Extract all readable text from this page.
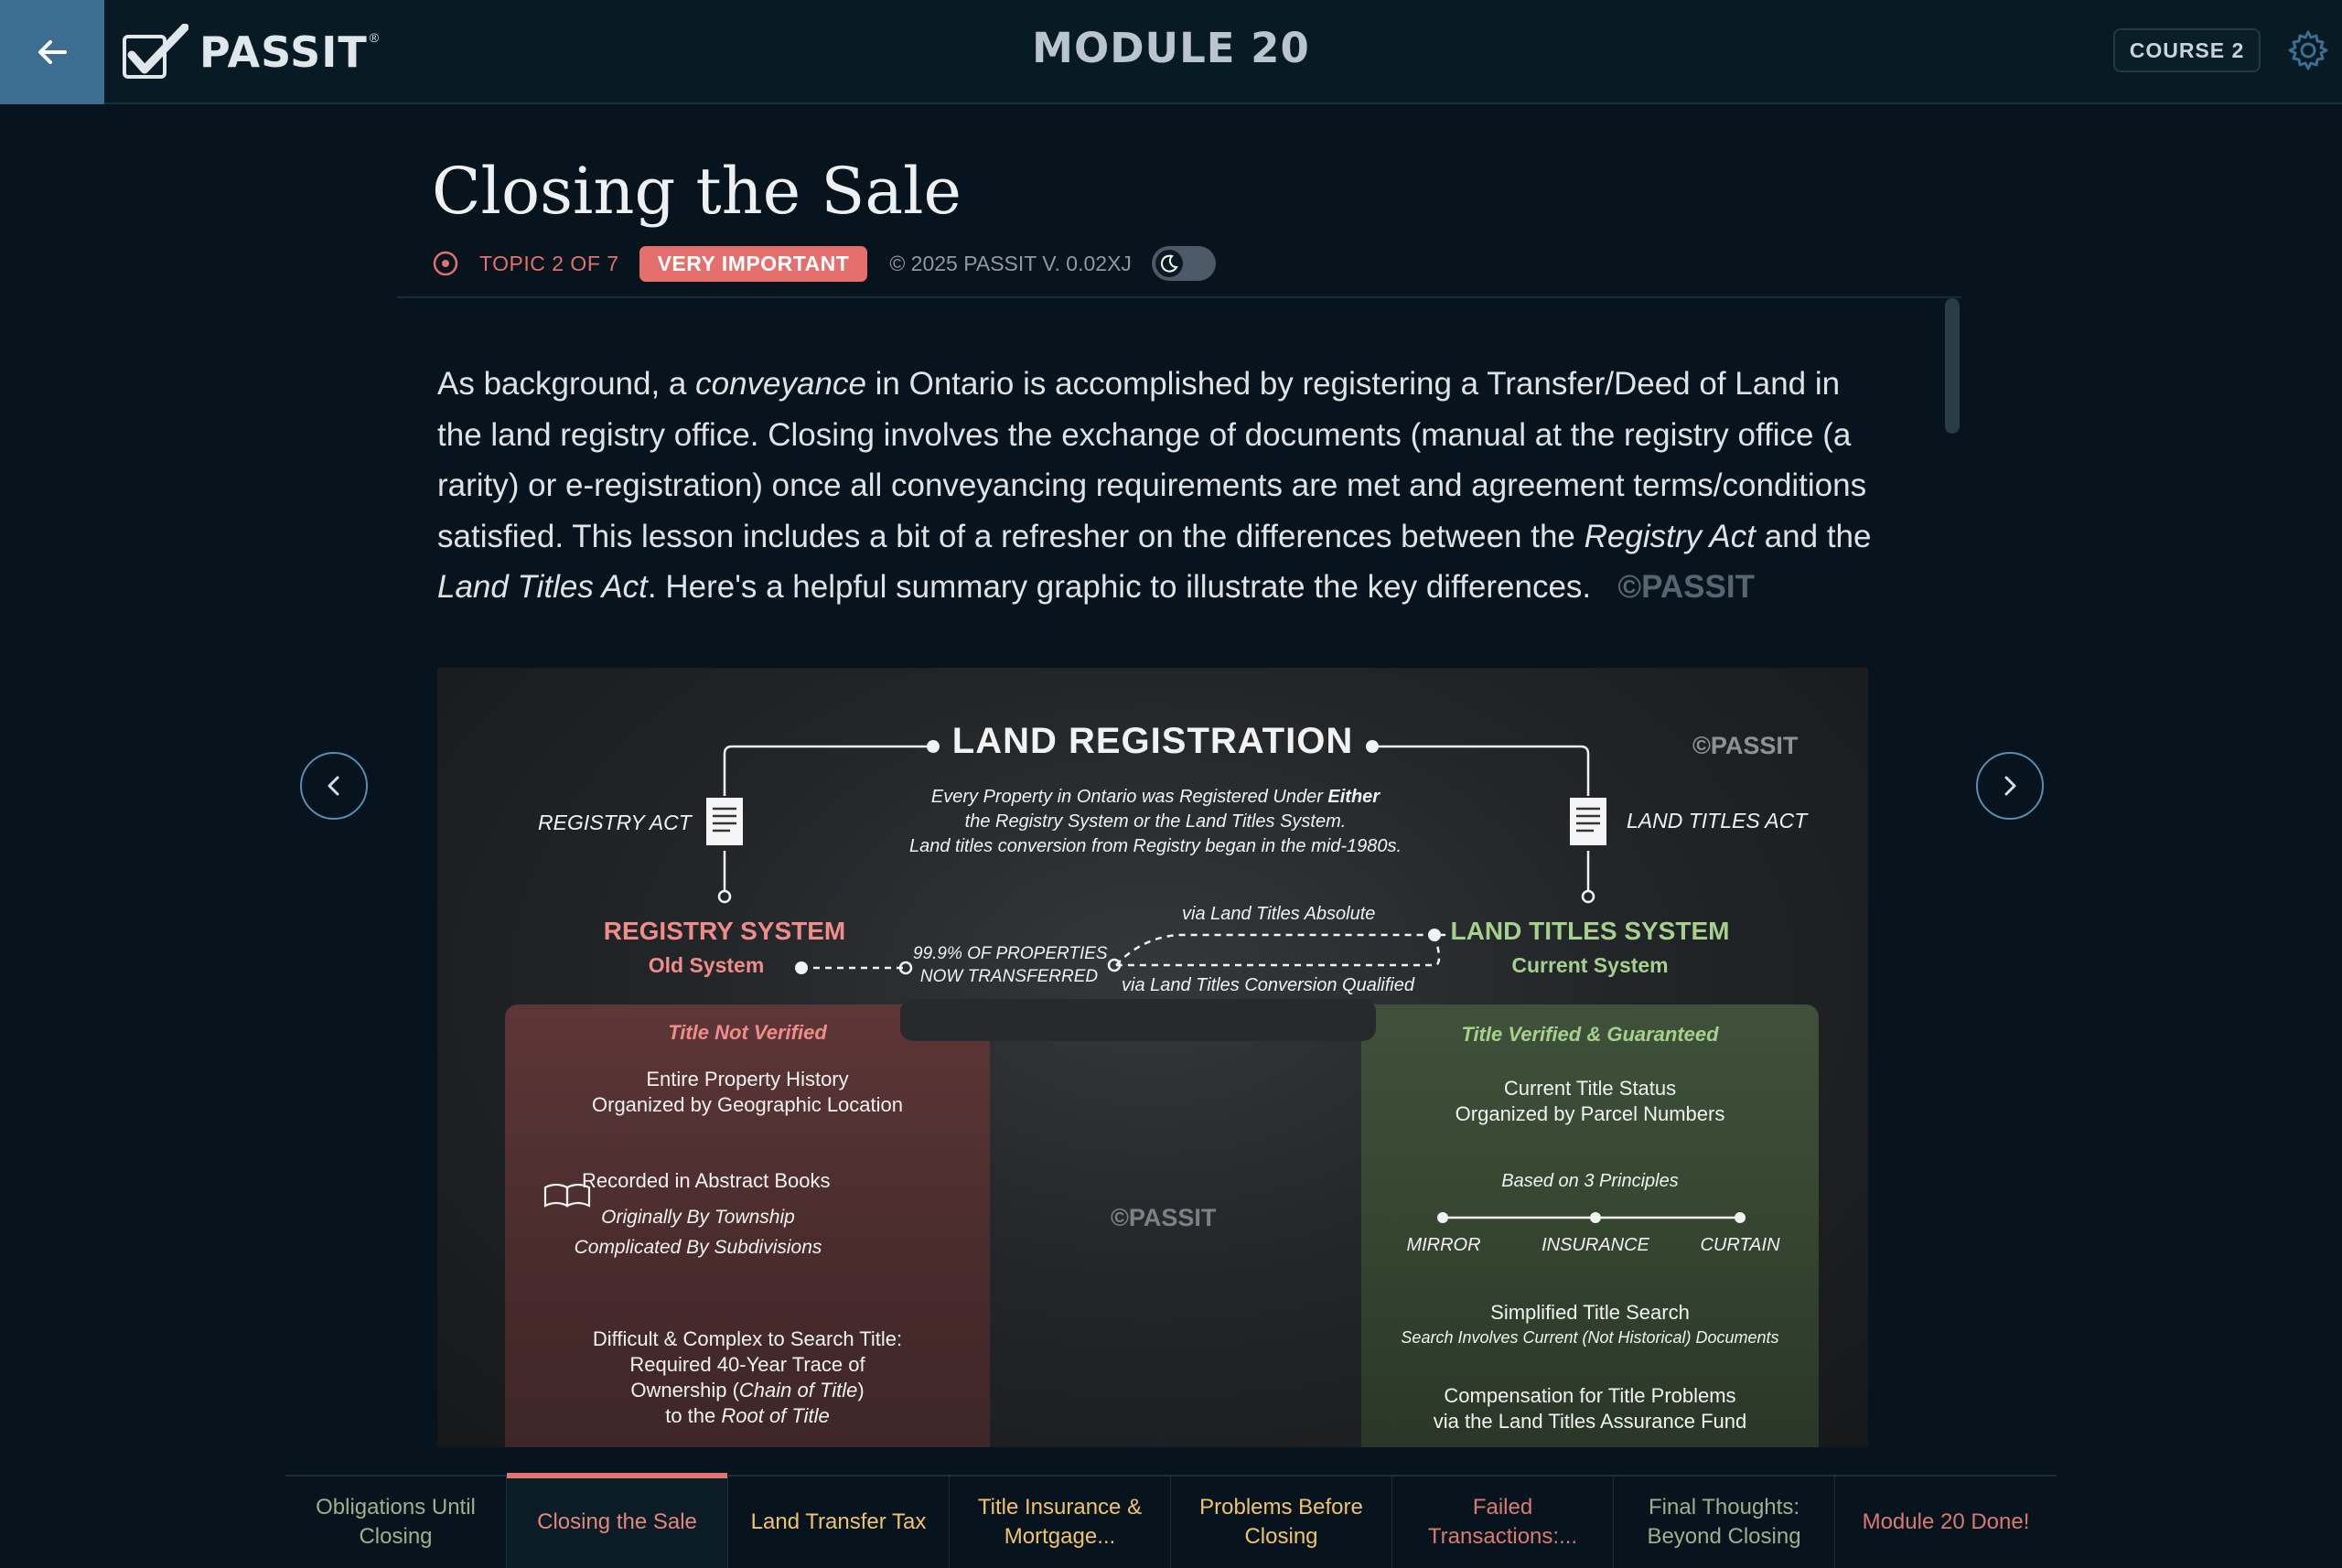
PASSIT ®	MODULE 20	COURSE 2
Closing the Sale
TOPIC 2 OF 7	VERY IMPORTANT	© 2025 PASSIT V. 0.02XJ

As background, a conveyance in Ontario is accomplished by registering a Transfer/Deed of Land in the land registry office. Closing involves the exchange of documents (manual at the registry office (a rarity) or e-registration) once all conveyancing requirements are met and agreement terms/conditions satisfied. This lesson includes a bit of a refresher on the differences between the Registry Act and the Land Titles Act. Here's a helpful summary graphic to illustrate the key differences. ©PASSIT

LAND REGISTRATION	©PASSIT
Every Property in Ontario was Registered Under Either
the Registry System or the Land Titles System.
Land titles conversion from Registry began in the mid-1980s.
REGISTRY ACT	LAND TITLES ACT
REGISTRY SYSTEM
Old System
LAND TITLES SYSTEM
Current System
99.9% OF PROPERTIES
NOW TRANSFERRED
via Land Titles Absolute
via Land Titles Conversion Qualified
Title Not Verified
Entire Property History
Organized by Geographic Location
Recorded in Abstract Books
Originally By Township
Complicated By Subdivisions
Difficult & Complex to Search Title:
Required 40-Year Trace of
Ownership (Chain of Title)
to the Root of Title
©PASSIT
Title Verified & Guaranteed
Current Title Status
Organized by Parcel Numbers
Based on 3 Principles
MIRROR	INSURANCE	CURTAIN
Simplified Title Search
Search Involves Current (Not Historical) Documents
Compensation for Title Problems
via the Land Titles Assurance Fund
Obligations Until Closing
Closing the Sale	Land Transfer Tax
Title Insurance & Mortgage...
Problems Before Closing
Failed Transactions:...
Final Thoughts: Beyond Closing
Module 20 Done!
